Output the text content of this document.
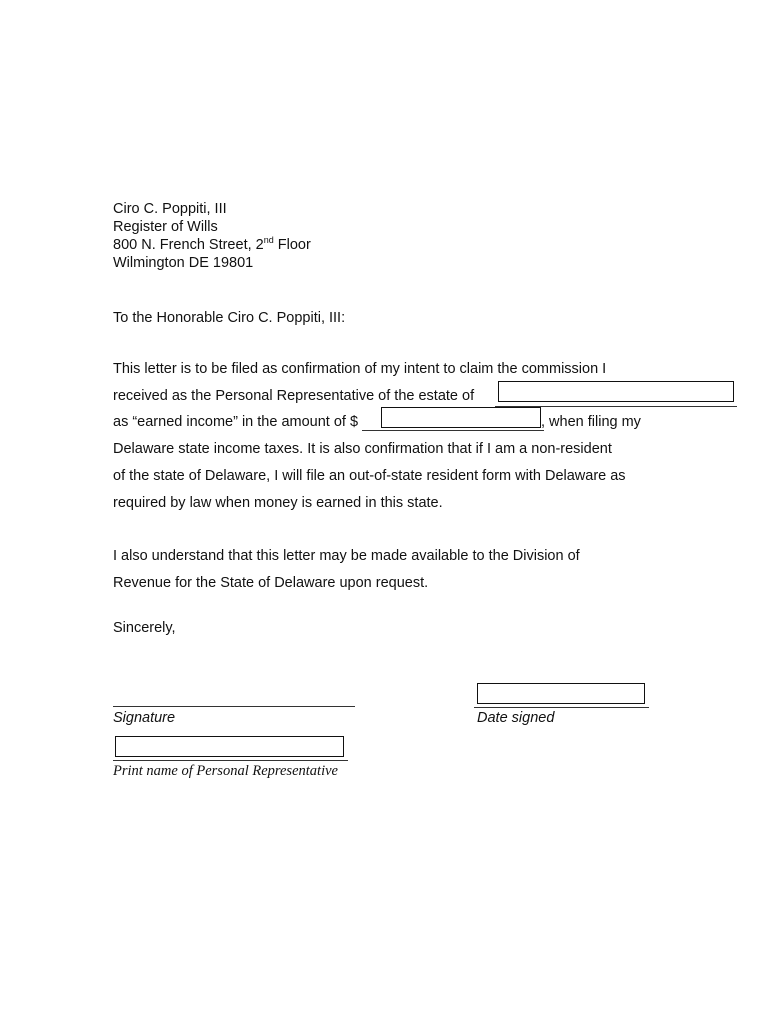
Ciro C. Poppiti, III
Register of Wills
800 N. French Street, 2nd Floor
Wilmington DE 19801
To the Honorable Ciro C. Poppiti, III:
This letter is to be filed as confirmation of my intent to claim the commission I
received as the Personal Representative of the estate of
as “earned income” in the amount of $	, when filing my
Delaware state income taxes. It is also confirmation that if I am a non-resident
of the state of Delaware, I will file an out-of-state resident form with Delaware as
required by law when money is earned in this state.
I also understand that this letter may be made available to the Division of
Revenue for the State of Delaware upon request.
Sincerely,
Signature	Date signed
Print name of Personal Representative
